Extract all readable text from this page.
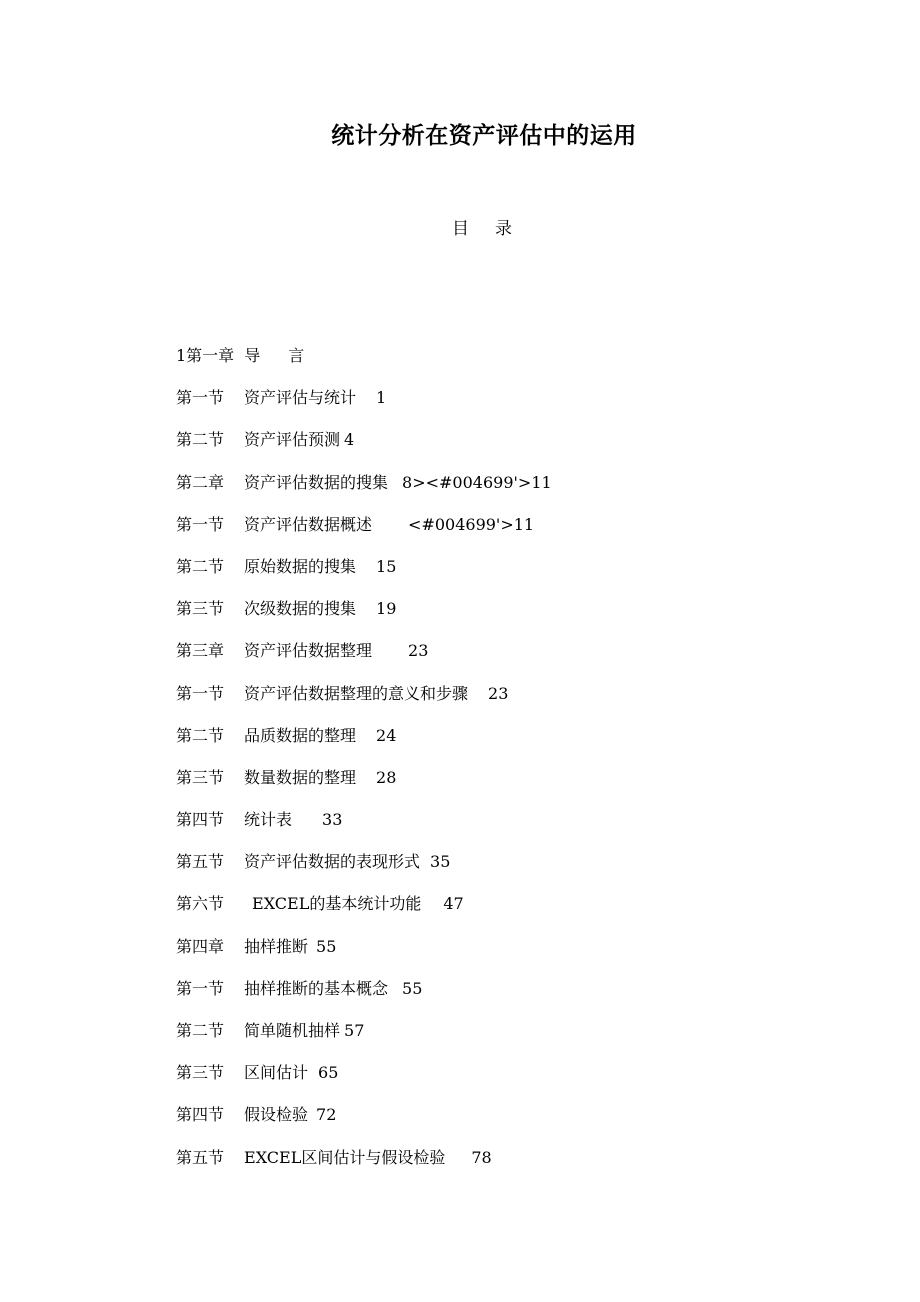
统计分析在资产评估中的运用
目 录
1第一章 导　言
第一节 资产评估与统计 1
第二节 资产评估预测 4
第二章 资产评估数据的搜集 8><#004699'>11
第一节 资产评估数据概述 <#004699'>11
第二节 原始数据的搜集 15
第三节 次级数据的搜集 19
第三章 资产评估数据整理 23
第一节 资产评估数据整理的意义和步骤 23
第二节 品质数据的整理 24
第三节 数量数据的整理 28
第四节 统计表 33
第五节 资产评估数据的表现形式 35
第六节 EXCEL的基本统计功能 47
第四章 抽样推断 55
第一节 抽样推断的基本概念 55
第二节 简单随机抽样 57
第三节 区间估计 65
第四节 假设检验 72
第五节 EXCEL区间估计与假设检验 78
